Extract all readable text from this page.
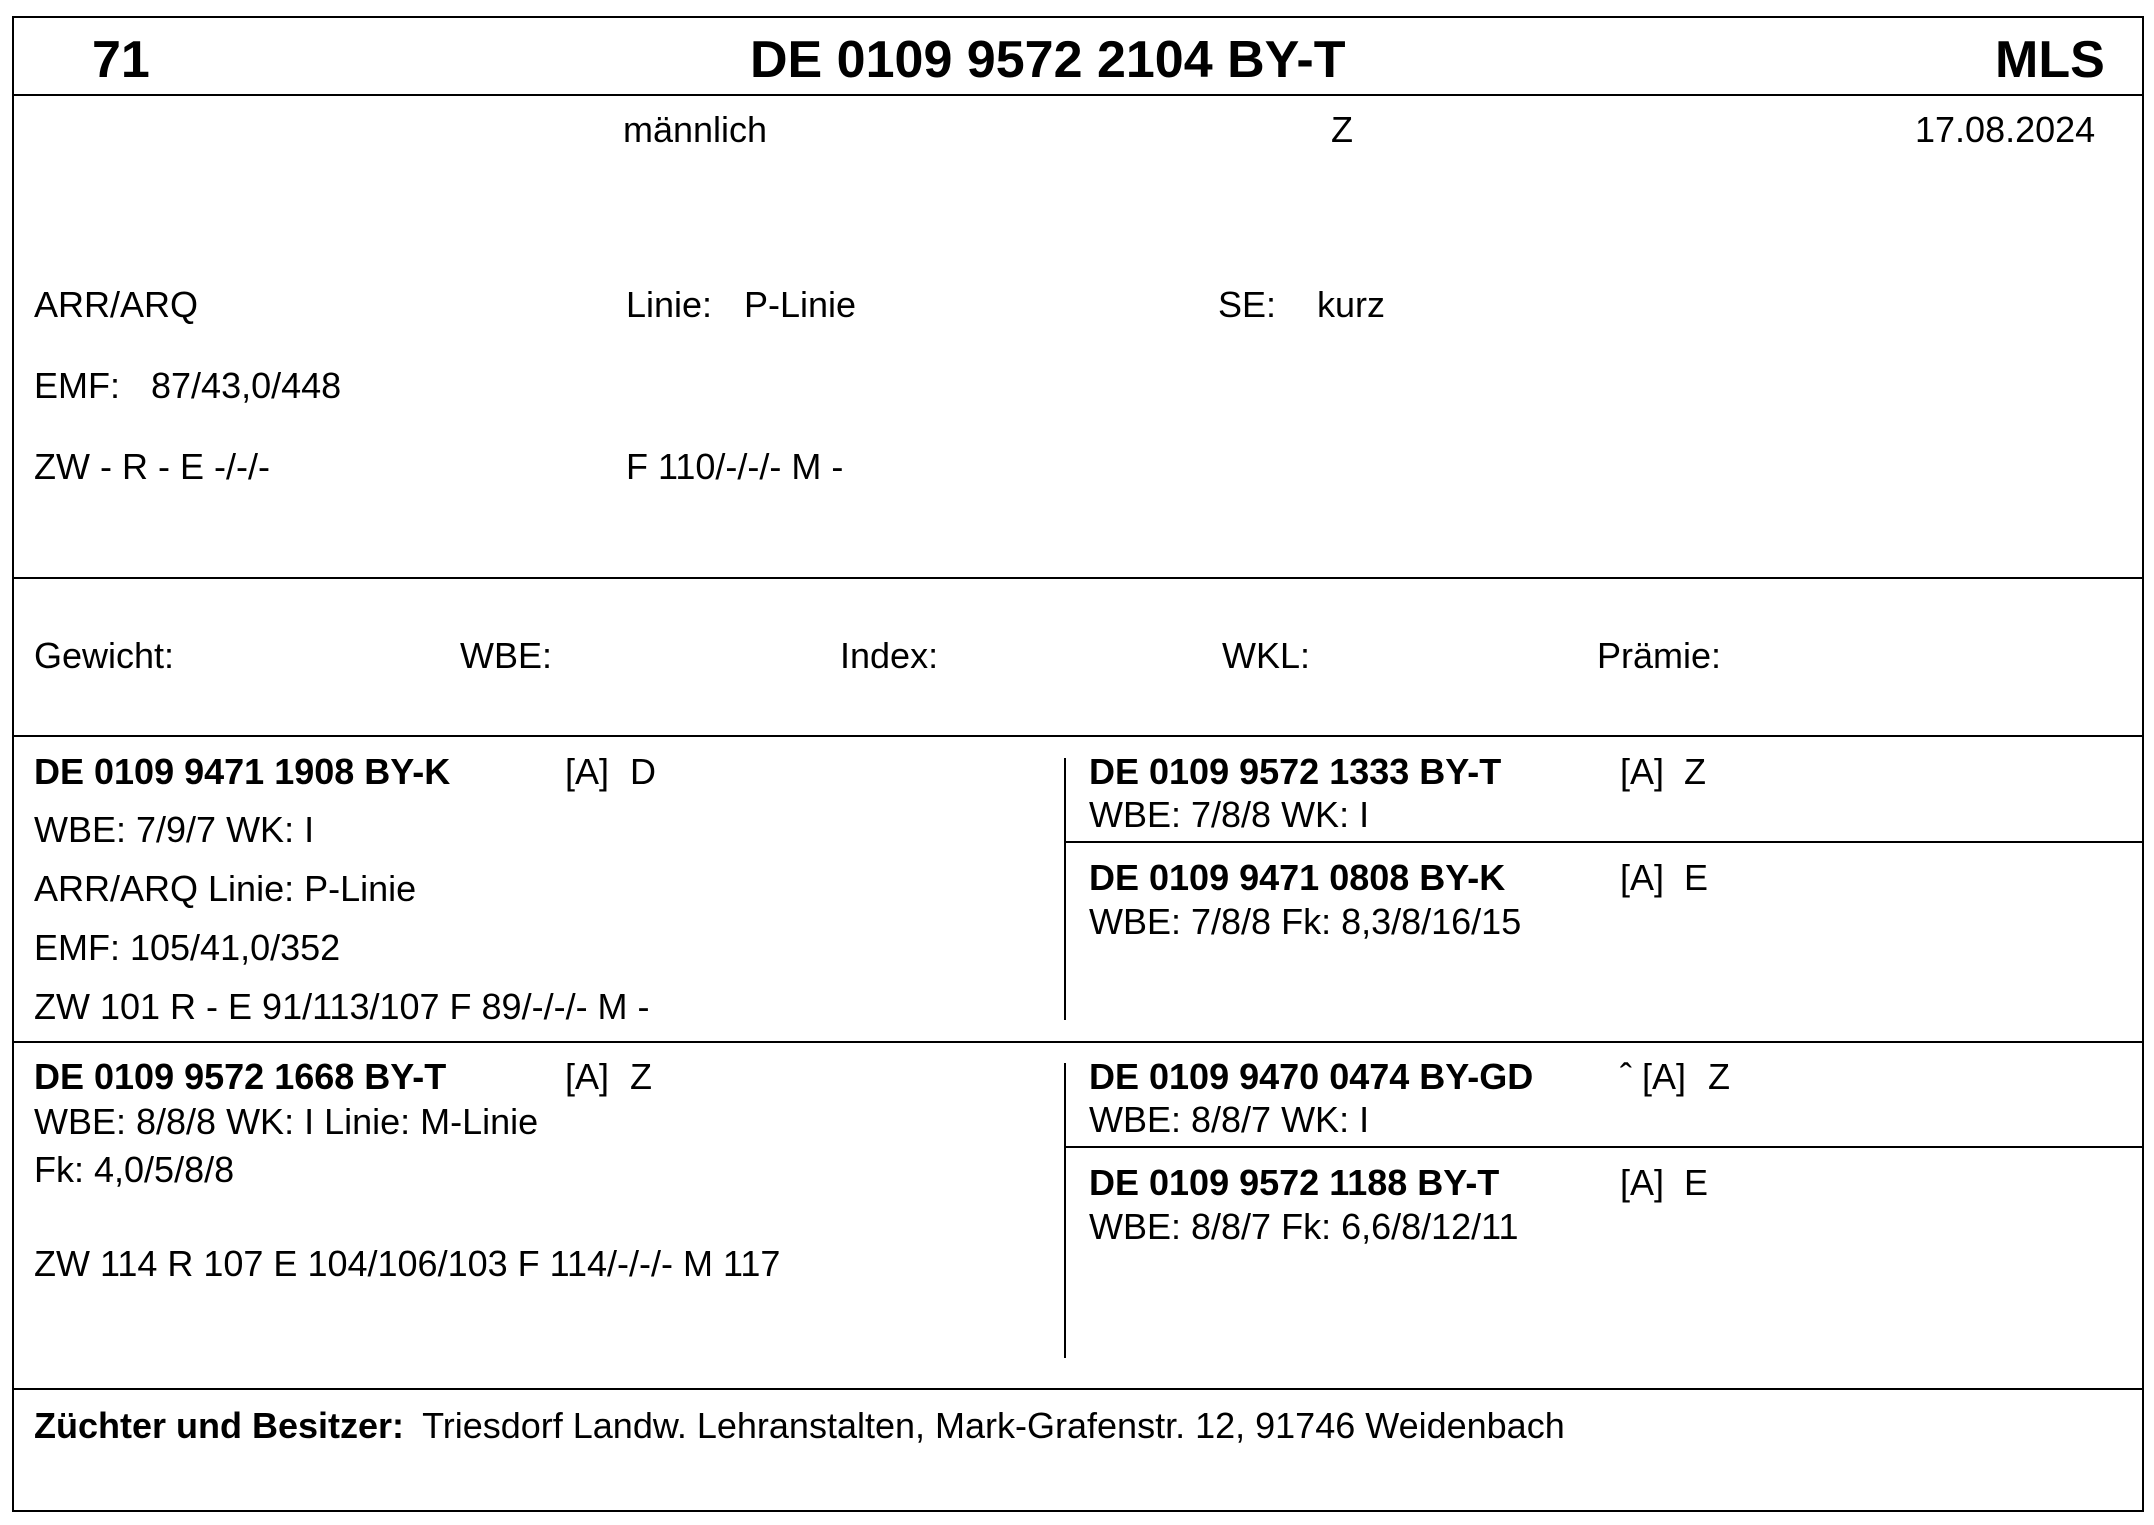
71	DE 0109 9572 2104 BY-T	MLS
männlich	Z	17.08.2024
ARR/ARQ	Linie: P-Linie	SE: kurz
EMF: 87/43,0/448
ZW - R - E -/-/-	F 110/-/-/- M -
Gewicht:	WBE:	Index:	WKL:	Prämie:
DE 0109 9471 1908 BY-K	[A] D
WBE: 7/9/7 WK: I
ARR/ARQ Linie: P-Linie
EMF: 105/41,0/352
ZW 101 R - E 91/113/107 F 89/-/-/- M -
DE 0109 9572 1333 BY-T	[A] Z
WBE: 7/8/8 WK: I
DE 0109 9471 0808 BY-K	[A] E
WBE: 7/8/8 Fk: 8,3/8/16/15
DE 0109 9572 1668 BY-T	[A] Z
WBE: 8/8/8 WK: I Linie: M-Linie
Fk: 4,0/5/8/8
ZW 114 R 107 E 104/106/103 F 114/-/-/- M 117
DE 0109 9470 0474 BY-GD ˆ [A] Z
WBE: 8/8/7 WK: I
DE 0109 9572 1188 BY-T	[A] E
WBE: 8/8/7 Fk: 6,6/8/12/11
Züchter und Besitzer: Triesdorf Landw. Lehranstalten, Mark-Grafenstr. 12, 91746 Weidenbach
